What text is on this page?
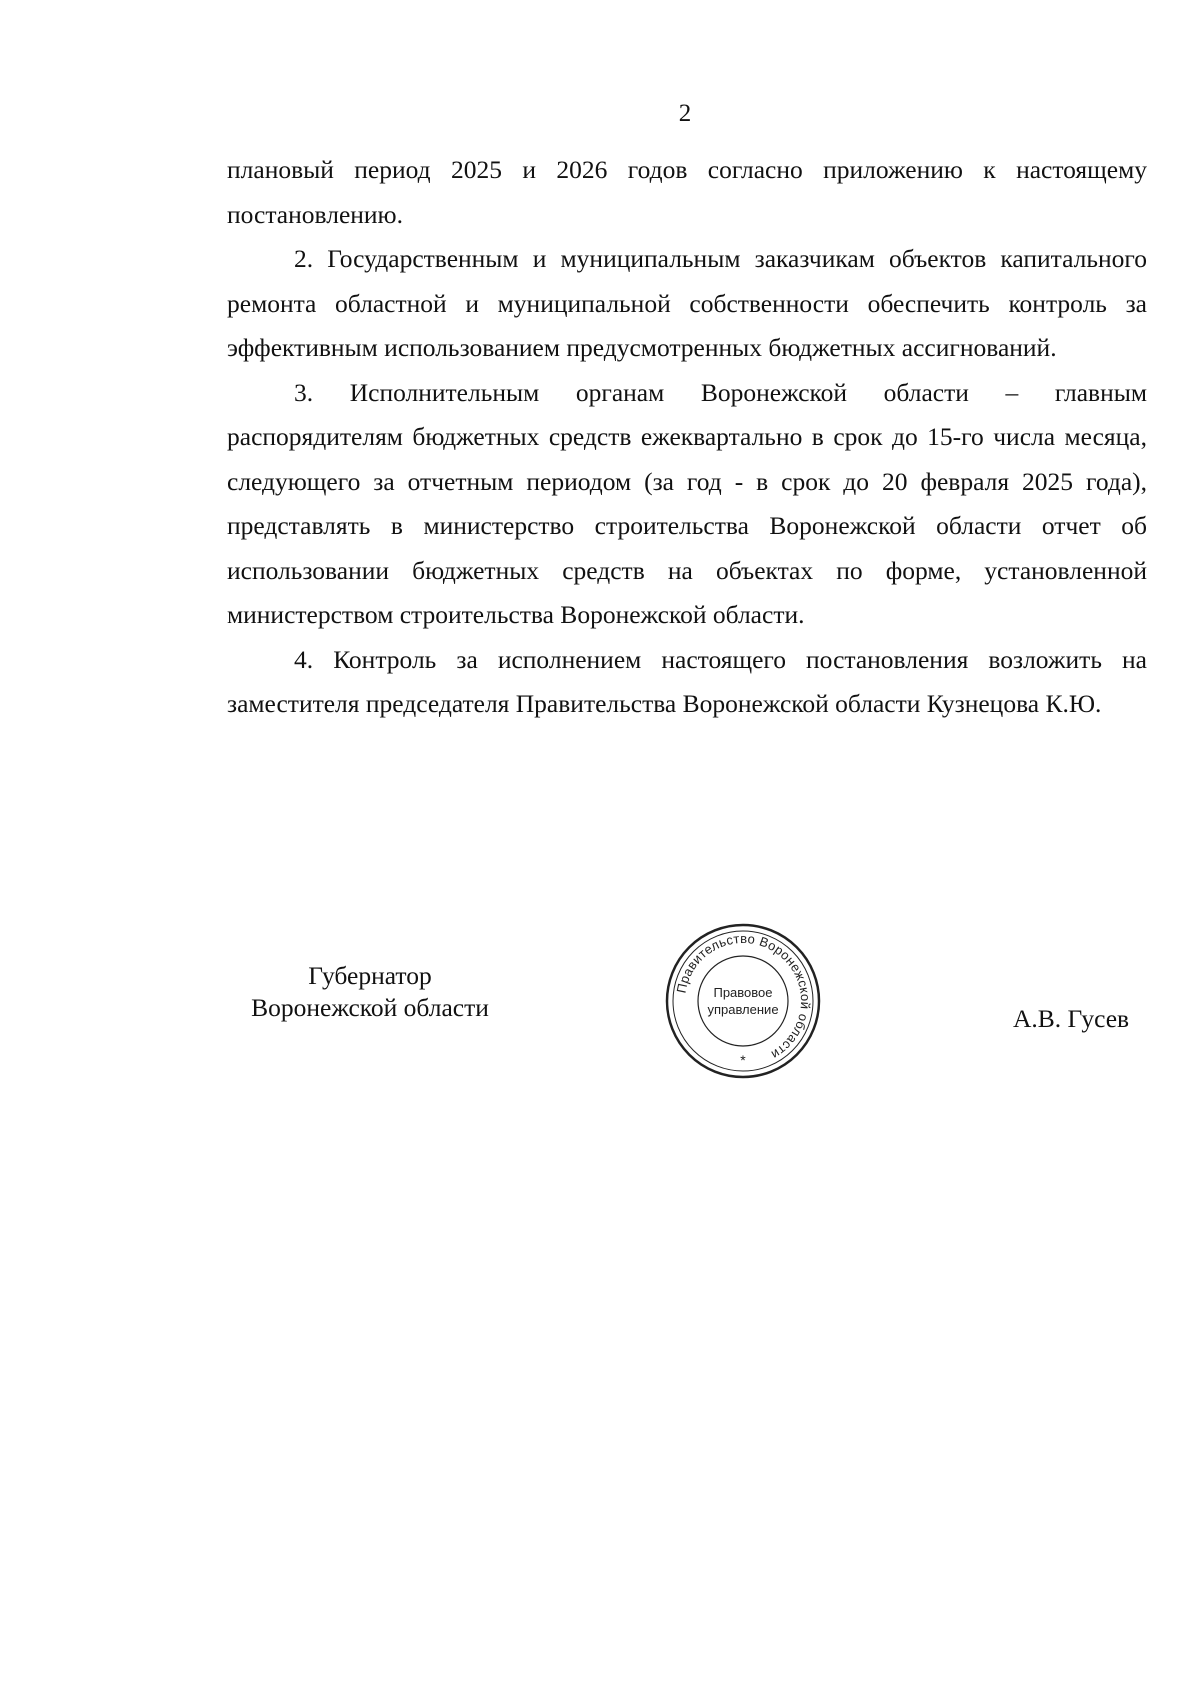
2

плановый период 2025 и 2026 годов согласно приложению к настоящему постановлению.

2. Государственным и муниципальным заказчикам объектов капитального ремонта областной и муниципальной собственности обеспечить контроль за эффективным использованием предусмотренных бюджетных ассигнований.

3. Исполнительным органам Воронежской области – главным распорядителям бюджетных средств ежеквартально в срок до 15-го числа месяца, следующего за отчетным периодом (за год - в срок до 20 февраля 2025 года), представлять в министерство строительства Воронежской области отчет об использовании бюджетных средств на объектах по форме, установленной министерством строительства Воронежской области.

4. Контроль за исполнением настоящего постановления возложить на заместителя председателя Правительства Воронежской области Кузнецова К.Ю.

Губернатор
Воронежской области
Правительство Воронежской области
Правовое
управление
*
А.В. Гусев
